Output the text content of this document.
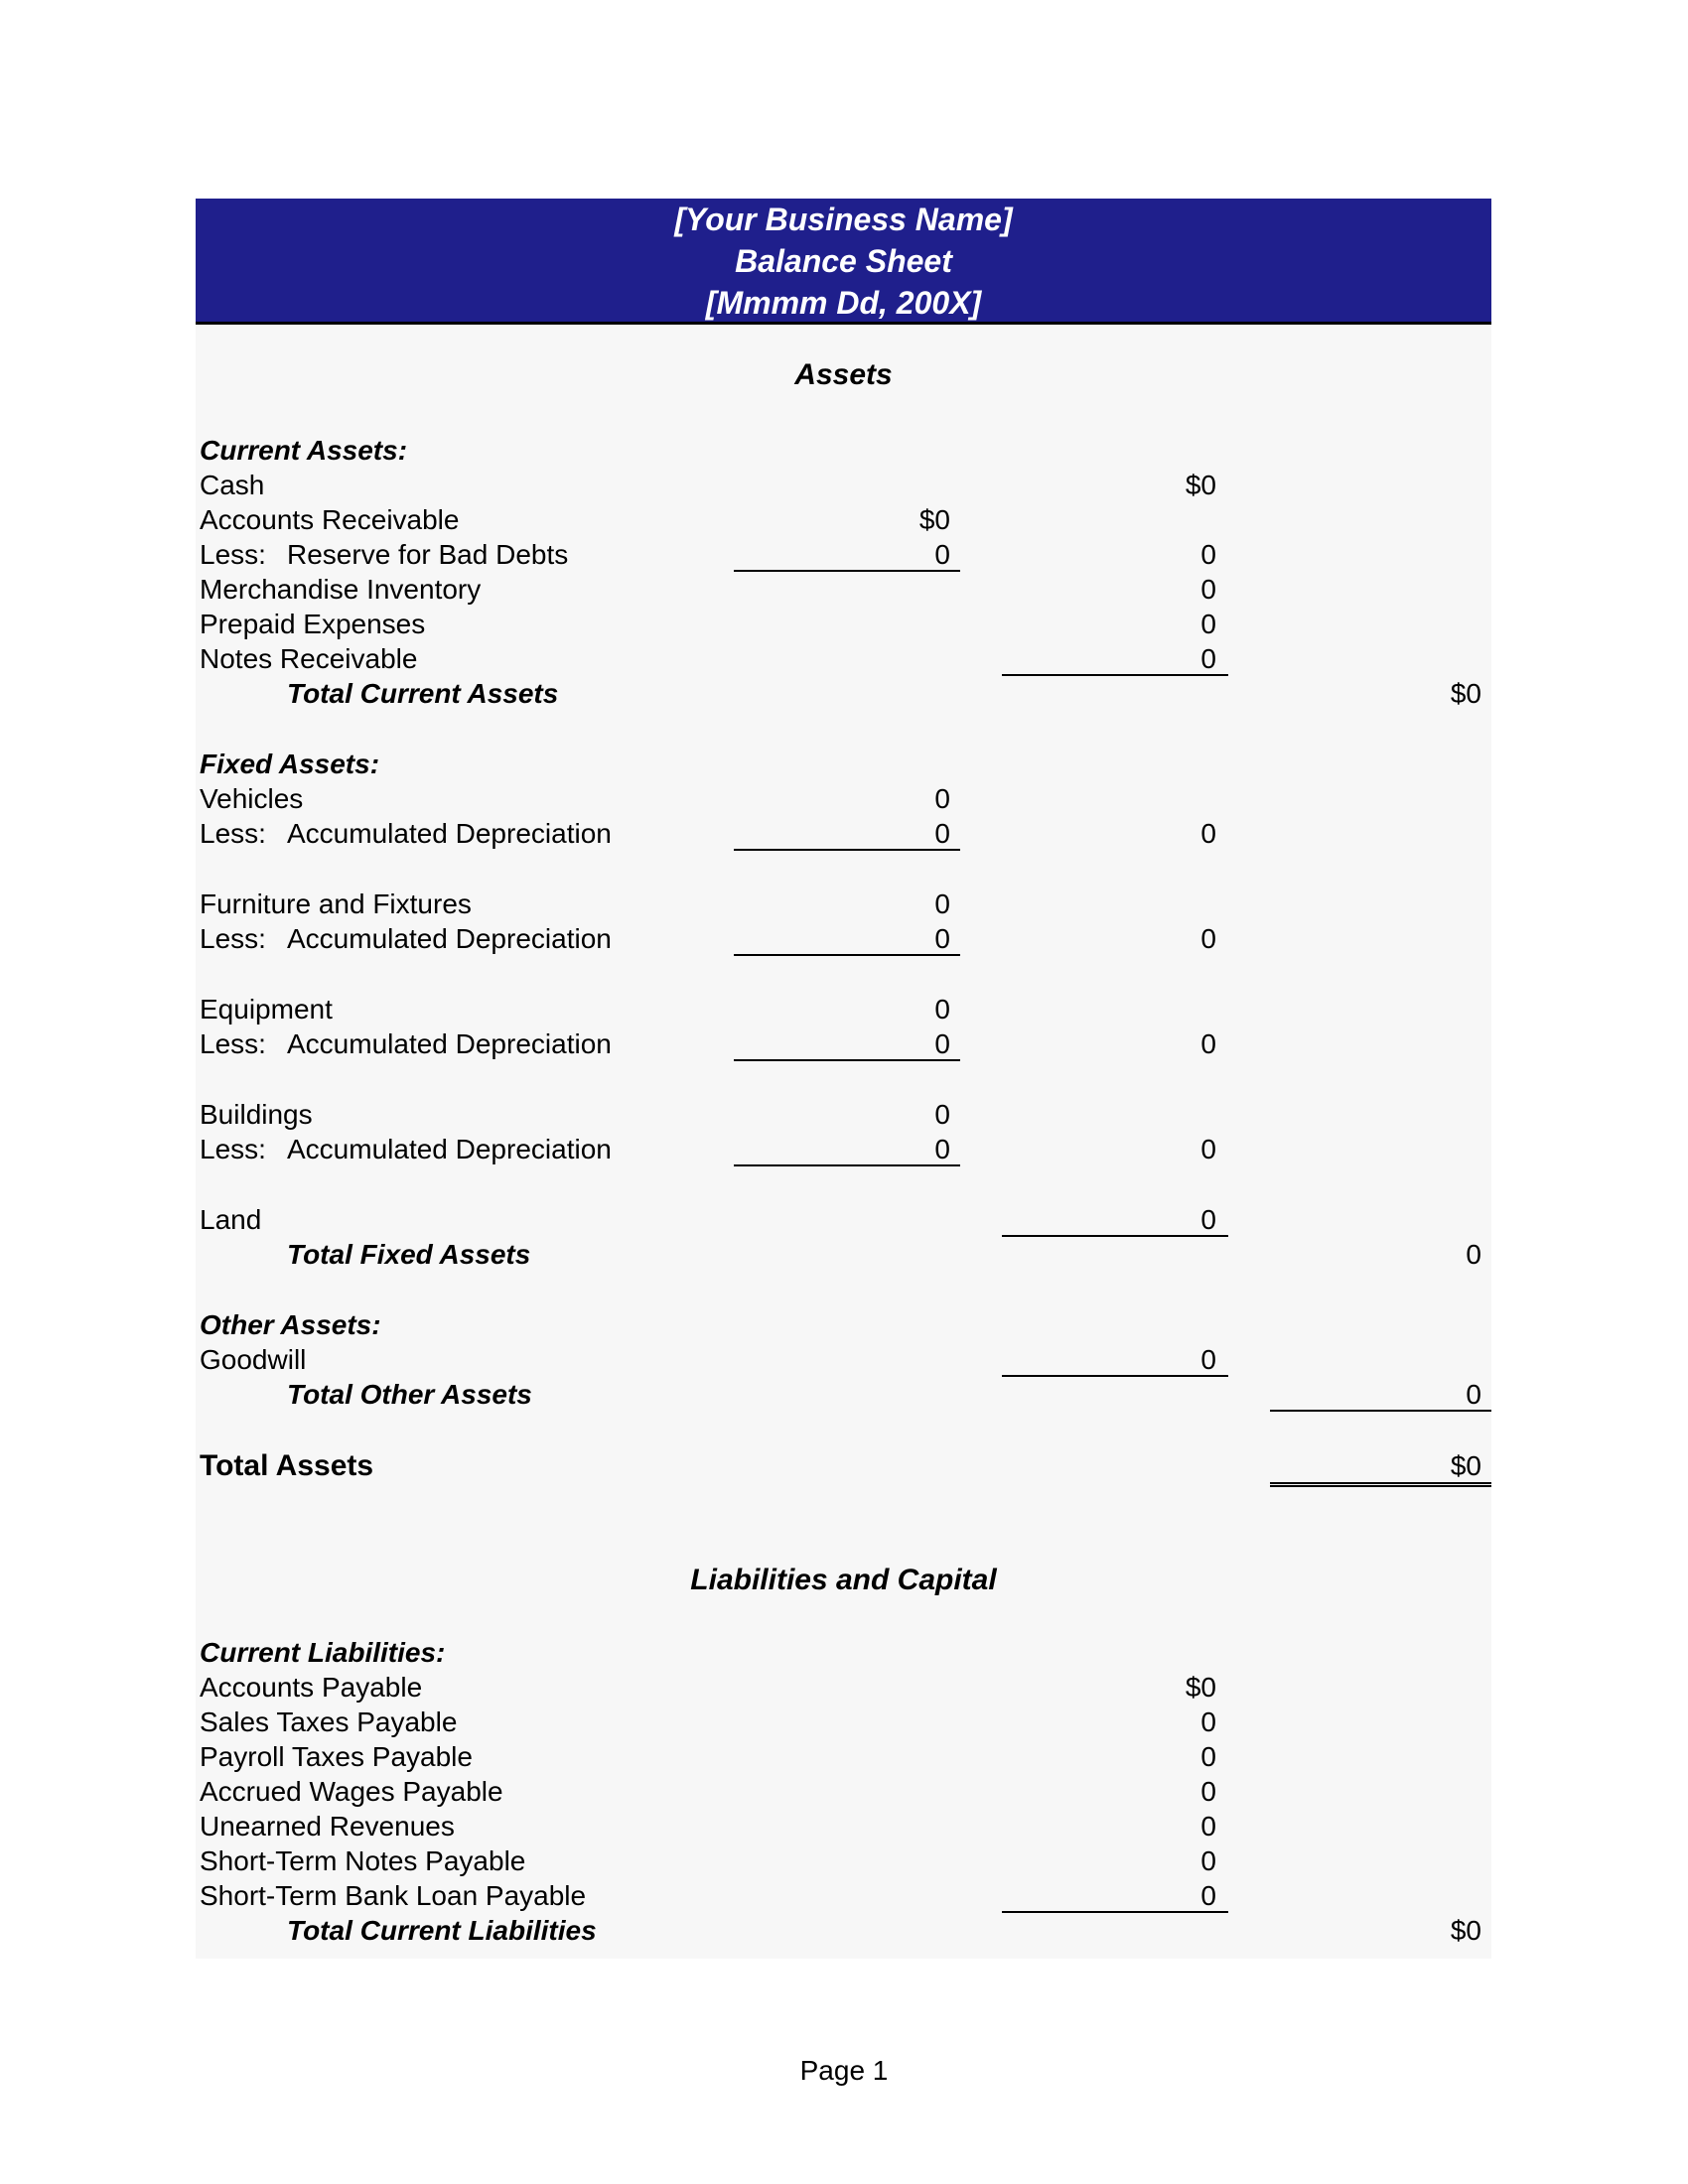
[Your Business Name]
Balance Sheet
[Mmmm Dd, 200X]
Assets
Current Assets:
Cash	$0
Accounts Receivable	$0
Less: Reserve for Bad Debts	0	0
Merchandise Inventory	0
Prepaid Expenses	0
Notes Receivable	0
Total Current Assets	$0
Fixed Assets:
Vehicles	0
Less: Accumulated Depreciation	0	0
Furniture and Fixtures	0
Less: Accumulated Depreciation	0	0
Equipment	0
Less: Accumulated Depreciation	0	0
Buildings	0
Less: Accumulated Depreciation	0	0
Land	0
Total Fixed Assets	0
Other Assets:
Goodwill	0
Total Other Assets	0
Total Assets	$0
Liabilities and Capital
Current Liabilities:
Accounts Payable	$0
Sales Taxes Payable	0
Payroll Taxes Payable	0
Accrued Wages Payable	0
Unearned Revenues	0
Short-Term Notes Payable	0
Short-Term Bank Loan Payable	0
Total Current Liabilities	$0
Page 1
